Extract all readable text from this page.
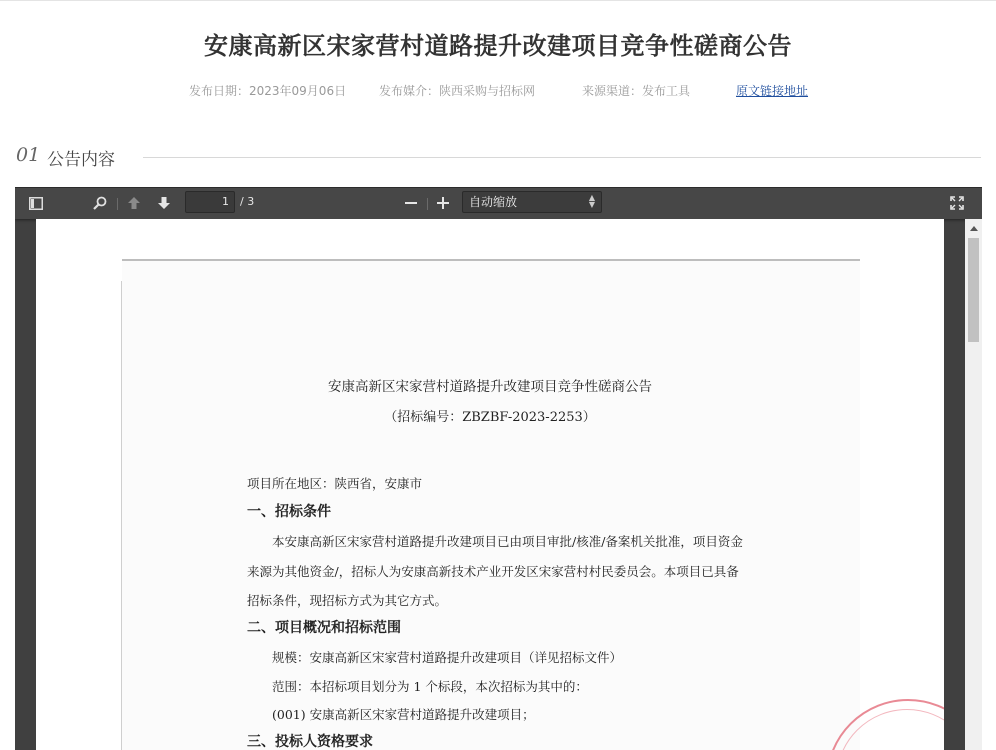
安康高新区宋家营村道路提升改建项目竞争性磋商公告
发布日期：2023年09月06日	发布媒介：陕西采购与招标网	来源渠道：发布工具	原文链接地址
01 公告内容
1	/ 3	自动缩放	▲
▼
安康高新区宋家营村道路提升改建项目竞争性磋商公告
（招标编号：ZBZBF-2023-2253）
项目所在地区：陕西省，安康市
一、招标条件
本安康高新区宋家营村道路提升改建项目已由项目审批/核准/备案机关批准，项目资金
来源为其他资金/，招标人为安康高新技术产业开发区宋家营村村民委员会。本项目已具备
招标条件，现招标方式为其它方式。
二、项目概况和招标范围
规模：安康高新区宋家营村道路提升改建项目（详见招标文件）
范围：本招标项目划分为 1 个标段，本次招标为其中的：
(001) 安康高新区宋家营村道路提升改建项目；
三、投标人资格要求
